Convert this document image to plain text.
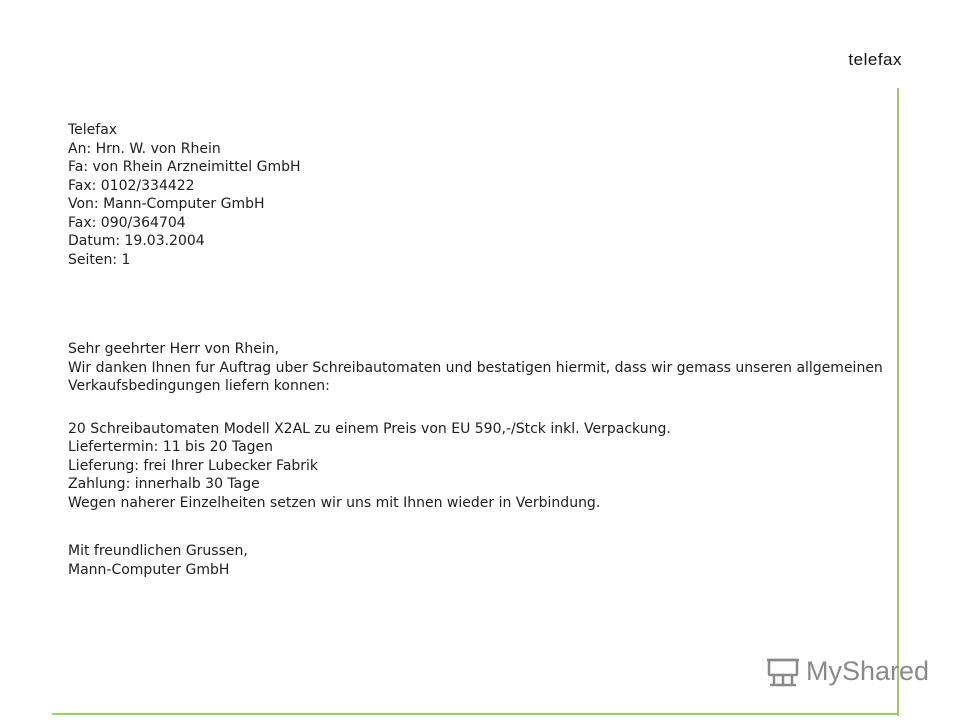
telefax

Telefax

An: Hrn. W. von Rhein

Fa: von Rhein Arzneimittel GmbH

Fax: 0102/334422

Von: Mann-Computer GmbH

Fax: 090/364704

Datum: 19.03.2004

Seiten: 1

Sehr geehrter Herr von Rhein,

Wir danken Ihnen fur Auftrag uber Schreibautomaten und bestatigen hiermit, dass wir gemass unseren allgemeinen

Verkaufsbedingungen liefern konnen:

20 Schreibautomaten Modell X2AL zu einem Preis von EU 590,-/Stck inkl. Verpackung.

Liefertermin: 11 bis 20 Tagen

Lieferung: frei Ihrer Lubecker Fabrik

Zahlung: innerhalb 30 Tage

Wegen naherer Einzelheiten setzen wir uns mit Ihnen wieder in Verbindung.

Mit freundlichen Grussen,

Mann-Computer GmbH

MyShared
